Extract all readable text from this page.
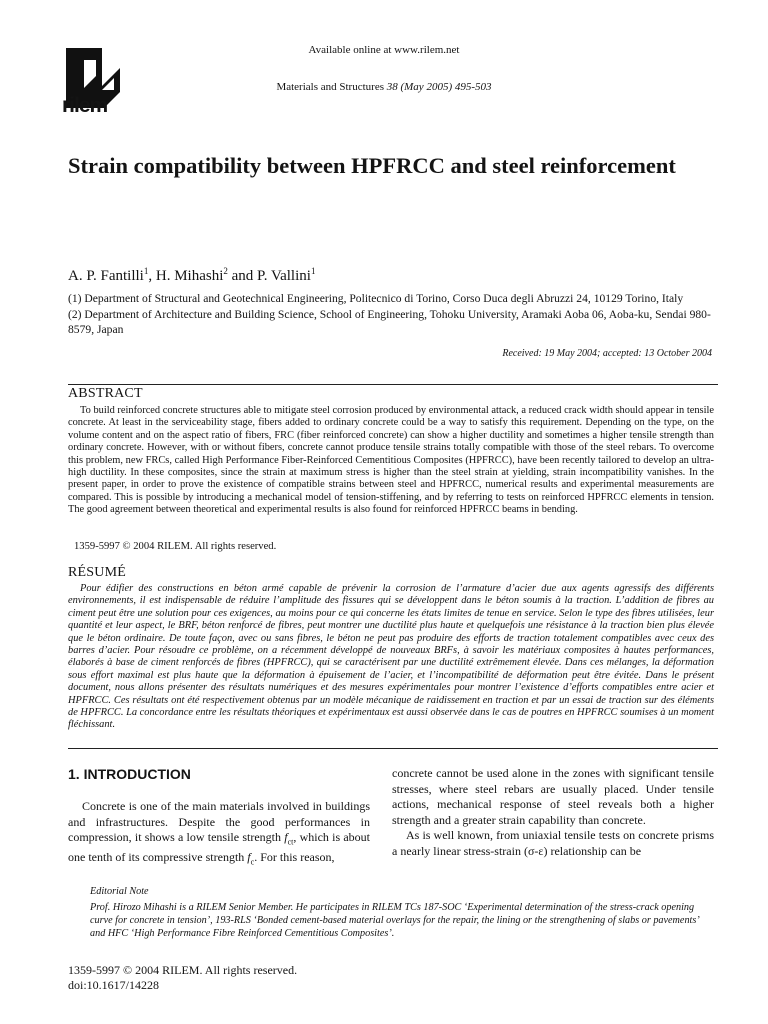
rilem
Available online at www.rilem.net
Materials and Structures 38 (May 2005) 495-503
Strain compatibility between HPFRCC and steel reinforcement
A. P. Fantilli$^1$, H. Mihashi$^2$ and P. Vallini$^1$
(1) Department of Structural and Geotechnical Engineering, Politecnico di Torino, Corso Duca degli Abruzzi 24, 10129 Torino, Italy
(2) Department of Architecture and Building Science, School of Engineering, Tohoku University, Aramaki Aoba 06, Aoba-ku, Sendai 980-8579, Japan
Received: 19 May 2004; accepted: 13 October 2004
ABSTRACT
To build reinforced concrete structures able to mitigate steel corrosion produced by environmental attack, a reduced crack width should appear in tensile concrete. At least in the serviceability stage, fibers added to ordinary concrete could be a way to satisfy this requirement. Depending on the type, on the volume content and on the aspect ratio of fibers, FRC (fiber reinforced concrete) can show a higher ductility and sometimes a higher tensile strength than ordinary concrete. However, with or without fibers, concrete cannot produce tensile strains totally compatible with those of the steel rebars. To overcome this problem, new FRCs, called High Performance Fiber-Reinforced Cementitious Composites (HPFRCC), have been recently tailored to develop an ultra-high ductility. In these composites, since the strain at maximum stress is higher than the steel strain at yielding, strain incompatibility vanishes. In the present paper, in order to prove the existence of compatible strains between steel and HPFRCC, numerical results and experimental measurements are compared. This is possible by introducing a mechanical model of tension-stiffening, and by referring to tests on reinforced HPFRCC elements in tension. The good agreement between theoretical and experimental results is also found for reinforced HPFRCC beams in bending.
1359-5997 © 2004 RILEM. All rights reserved.
RÉSUMÉ
Pour édifier des constructions en béton armé capable de prévenir la corrosion de l’armature d’acier due aux agents agressifs des différents environnements, il est indispensable de réduire l’amplitude des fissures qui se développent dans le béton soumis à la traction. L’addition de fibres au ciment peut être une solution pour ces exigences, au moins pour ce qui concerne les états limites de tenue en service. Selon le type des fibres utilisées, leur quantité et leur aspect, le BRF, béton renforcé de fibres, peut montrer une ductilité plus haute et quelquefois une résistance à la traction bien plus élevée que le béton ordinaire. De toute façon, avec ou sans fibres, le béton ne peut pas produire des efforts de traction totalement compatibles avec ceux des barres d’acier. Pour résoudre ce problème, on a récemment développé de nouveaux BRFs, à savoir les matériaux composites à hautes performances, élaborés à base de ciment renforcés de fibres (HPFRCC), qui se caractérisent par une ductilité extrêmement élevée. Dans ces mélanges, la déformation sous effort maximal est plus haute que la déformation à épuisement de l’acier, et l’incompatibilité de déformation peut être évitée. Dans le présent document, nous allons présenter des résultats numériques et des mesures expérimentales pour montrer l’existence d’efforts compatibles entre acier et HPFRCC. Ces résultats ont été respectivement obtenus par un modèle mécanique de raidissement en traction et par un essai de traction sur des éléments de HPFRCC. La concordance entre les résultats théoriques et expérimentaux est aussi observée dans le cas de poutres en HPFRCC soumises à un moment fléchissant.
1. INTRODUCTION
Concrete is one of the main materials involved in buildings and infrastructures. Despite the good performances in compression, it shows a low tensile strength $f_{ct}$, which is about one tenth of its compressive strength $f_c$. For this reason,
concrete cannot be used alone in the zones with significant tensile stresses, where steel rebars are usually placed. Under tensile actions, mechanical response of steel reveals both a higher strength and a greater strain capability than concrete.
As is well known, from uniaxial tensile tests on concrete prisms a nearly linear stress-strain (σ-ε) relationship can be
Editorial Note
Prof. Hirozo Mihashi is a RILEM Senior Member. He participates in RILEM TCs 187-SOC ‘Experimental determination of the stress-crack opening curve for concrete in tension’, 193-RLS ‘Bonded cement-based material overlays for the repair, the lining or the strengthening of slabs or pavements’ and HFC ‘High Performance Fibre Reinforced Cementitious Composites’.
1359-5997 © 2004 RILEM. All rights reserved.
doi:10.1617/14228
